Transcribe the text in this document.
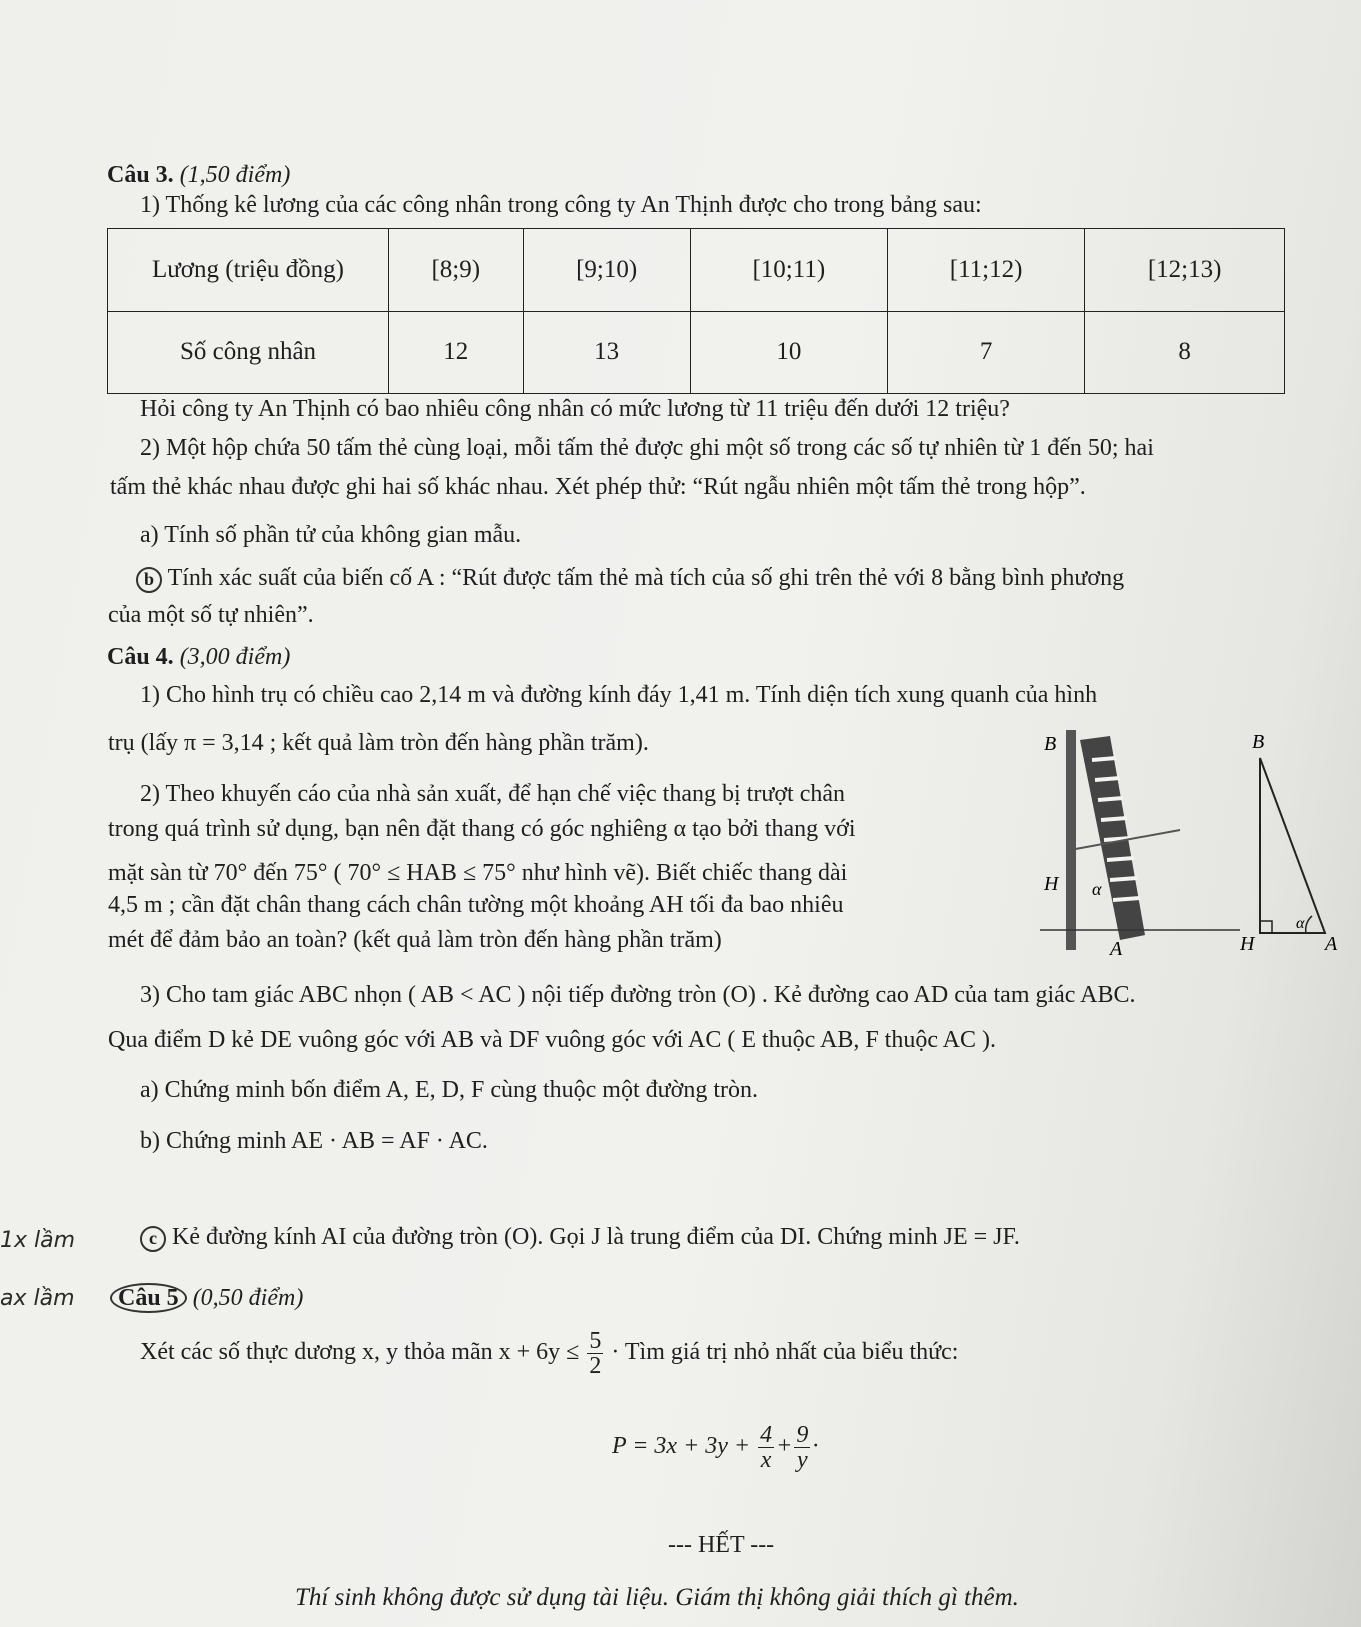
Câu 3. (1,50 điểm)
1) Thống kê lương của các công nhân trong công ty An Thịnh được cho trong bảng sau:
Lương (triệu đồng)	[8;9)	[9;10)	[10;11)	[11;12)	[12;13)
Số công nhân	12	13	10	7	8
Hỏi công ty An Thịnh có bao nhiêu công nhân có mức lương từ 11 triệu đến dưới 12 triệu?
2) Một hộp chứa 50 tấm thẻ cùng loại, mỗi tấm thẻ được ghi một số trong các số tự nhiên từ 1 đến 50; hai
tấm thẻ khác nhau được ghi hai số khác nhau. Xét phép thử: “Rút ngẫu nhiên một tấm thẻ trong hộp”.
a) Tính số phần tử của không gian mẫu.
b Tính xác suất của biến cố A : “Rút được tấm thẻ mà tích của số ghi trên thẻ với 8 bằng bình phương
của một số tự nhiên”.
Câu 4. (3,00 điểm)
1) Cho hình trụ có chiều cao 2,14 m và đường kính đáy 1,41 m. Tính diện tích xung quanh của hình
trụ (lấy π = 3,14 ; kết quả làm tròn đến hàng phần trăm).
2) Theo khuyến cáo của nhà sản xuất, để hạn chế việc thang bị trượt chân
trong quá trình sử dụng, bạn nên đặt thang có góc nghiêng α tạo bởi thang với
mặt sàn từ 70° đến 75° ( 70° ≤ HAB ≤ 75° như hình vẽ). Biết chiếc thang dài
4,5 m ; cần đặt chân thang cách chân tường một khoảng AH tối đa bao nhiêu
mét để đảm bảo an toàn? (kết quả làm tròn đến hàng phần trăm)
B
H
A
α
B
H	A
α
3) Cho tam giác ABC nhọn ( AB < AC ) nội tiếp đường tròn (O) . Kẻ đường cao AD của tam giác ABC.
Qua điểm D kẻ DE vuông góc với AB và DF vuông góc với AC ( E thuộc AB, F thuộc AC ).
a) Chứng minh bốn điểm A, E, D, F cùng thuộc một đường tròn.
b) Chứng minh AE · AB = AF · AC.
1x lầm	c Kẻ đường kính AI của đường tròn (O). Gọi J là trung điểm của DI. Chứng minh JE = JF.
ax lầm	Câu 5 (0,50 điểm)
Xét các số thực dương x, y thỏa mãn $x + 6y \le \frac{5}{2}$ · Tìm giá trị nhỏ nhất của biểu thức:
$P = 3x + 3y + \frac{4}{x} + \frac{9}{y}$ ·
--- HẾT ---
Thí sinh không được sử dụng tài liệu. Giám thị không giải thích gì thêm.
